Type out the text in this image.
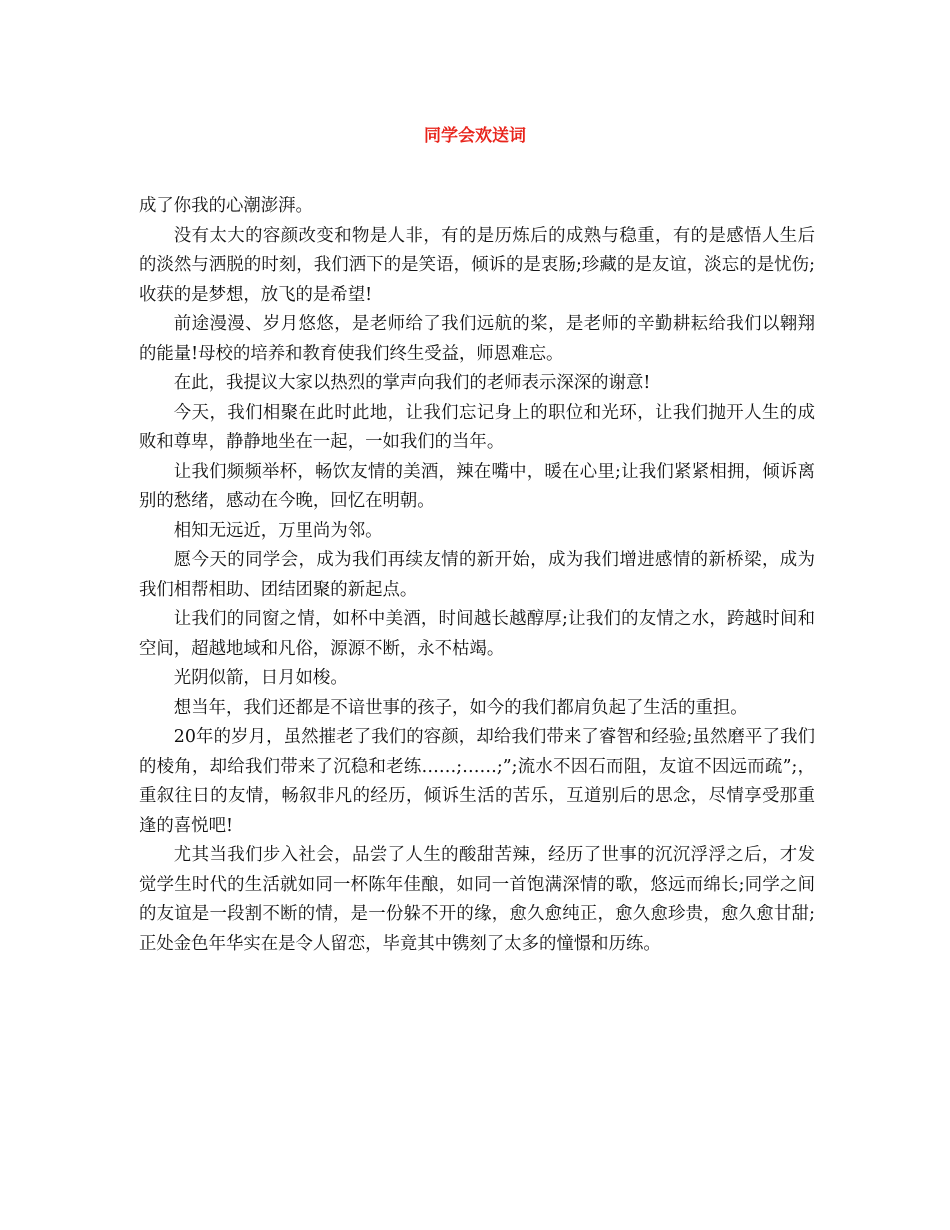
同学会欢送词

成了你我的心潮澎湃。

没有太大的容颜改变和物是人非，有的是历炼后的成熟与稳重，有的是感悟人生后的淡然与洒脱的时刻，我们洒下的是笑语，倾诉的是衷肠;珍藏的是友谊，淡忘的是忧伤;收获的是梦想，放飞的是希望!

前途漫漫、岁月悠悠，是老师给了我们远航的桨，是老师的辛勤耕耘给我们以翱翔的能量!母校的培养和教育使我们终生受益，师恩难忘。

在此，我提议大家以热烈的掌声向我们的老师表示深深的谢意!

今天，我们相聚在此时此地，让我们忘记身上的职位和光环，让我们抛开人生的成败和尊卑，静静地坐在一起，一如我们的当年。

让我们频频举杯，畅饮友情的美酒，辣在嘴中，暖在心里;让我们紧紧相拥，倾诉离别的愁绪，感动在今晚，回忆在明朝。

相知无远近，万里尚为邻。

愿今天的同学会，成为我们再续友情的新开始，成为我们增进感情的新桥梁，成为我们相帮相助、团结团聚的新起点。

让我们的同窗之情，如杯中美酒，时间越长越醇厚;让我们的友情之水，跨越时间和空间，超越地域和凡俗，源源不断，永不枯竭。

光阴似箭，日月如梭。

想当年，我们还都是不谙世事的孩子，如今的我们都肩负起了生活的重担。

20年的岁月，虽然摧老了我们的容颜，却给我们带来了睿智和经验;虽然磨平了我们的棱角，却给我们带来了沉稳和老练……;……;”;流水不因石而阻，友谊不因远而疏”;，重叙往日的友情，畅叙非凡的经历，倾诉生活的苦乐，互道别后的思念，尽情享受那重逢的喜悦吧!

尤其当我们步入社会，品尝了人生的酸甜苦辣，经历了世事的沉沉浮浮之后，才发觉学生时代的生活就如同一杯陈年佳酿，如同一首饱满深情的歌，悠远而绵长;同学之间的友谊是一段割不断的情，是一份躲不开的缘，愈久愈纯正，愈久愈珍贵，愈久愈甘甜;正处金色年华实在是令人留恋，毕竟其中镌刻了太多的憧憬和历练。
